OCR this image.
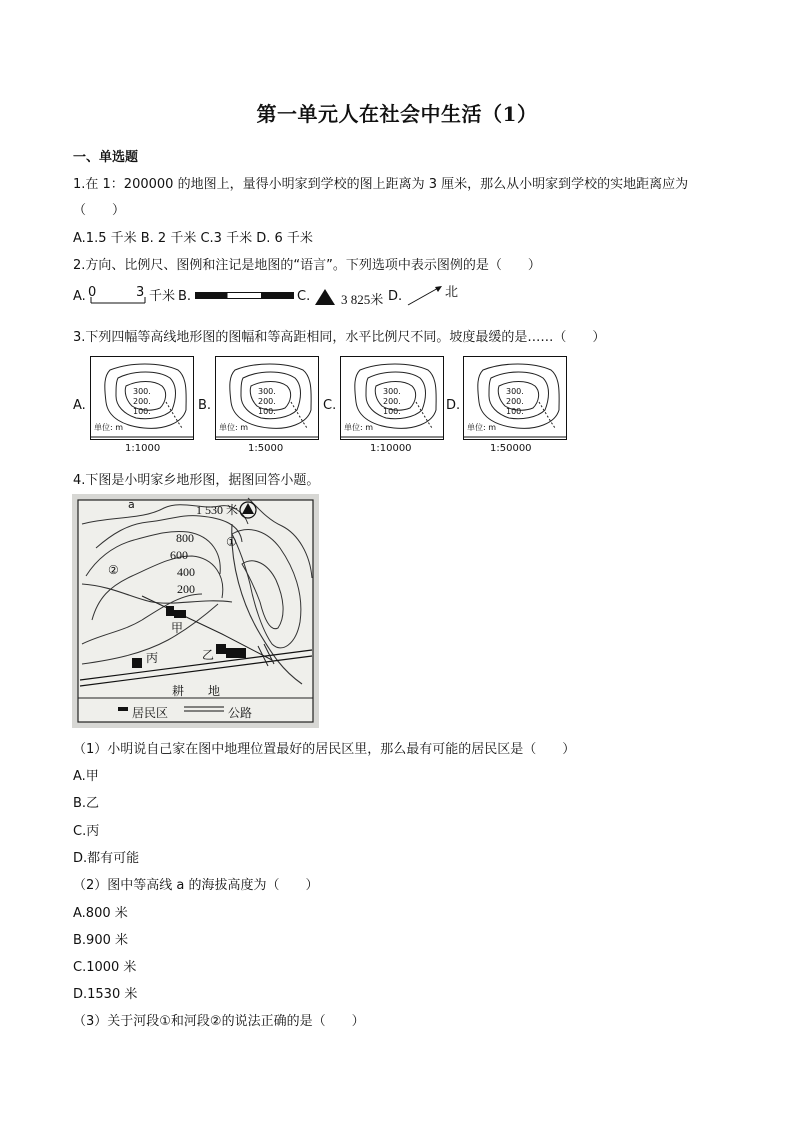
第一单元人在社会中生活（1）
一、单选题
1.在 1：200000 的地图上，量得小明家到学校的图上距离为 3 厘米，那么从小明家到学校的实地距离应为
（　　）
A.1.5 千米 B. 2 千米 C.3 千米 D. 6 千米
2.方向、比例尺、图例和注记是地图的“语言”。下列选项中表示图例的是（　　）
A. 0	3 千米 B.	C. 3 825米 D.	北
3.下列四幅等高线地形图的图幅和等高距相同，水平比例尺不同。坡度最缓的是……（　　）
A.
300.
200.
100.
单位: m
1:1000
B.
300.
200.
100.
单位: m
1:5000
C.
300.
200.
100.
单位: m
1:10000
D.
300.
200.
100.
单位: m
1:50000
4.下图是小明家乡地形图，据图回答小题。
a	1 530 米
800
600
400
200
①
②
甲
乙
丙
耕　　地
居民区	公路
（1）小明说自己家在图中地理位置最好的居民区里，那么最有可能的居民区是（　　）
A.甲
B.乙
C.丙
D.都有可能
（2）图中等高线 a 的海拔高度为（　　）
A.800 米
B.900 米
C.1000 米
D.1530 米
（3）关于河段①和河段②的说法正确的是（　　）
